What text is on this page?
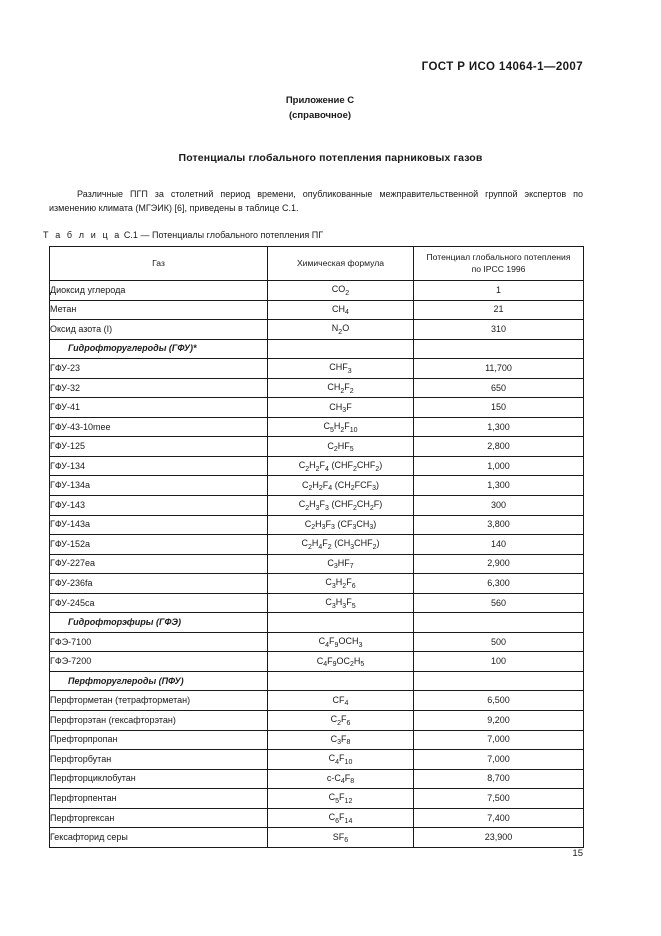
ГОСТ Р ИСО 14064-1—2007
Приложение С
(справочное)
Потенциалы глобального потепления парниковых газов
Различные ПГП за столетний период времени, опубликованные межправительственной группой экспертов по изменению климата (МГЭИК) [6], приведены в таблице С.1.
Т а б л и ц а С.1 — Потенциалы глобального потепления ПГ
Газ	Химическая формула	Потенциал глобального потепления
по IPCC 1996
Диоксид углерода	$CO_2$	1
Метан	$CH_4$	21
Оксид азота (I)	$N_2O$	310
Гидрофторуглероды (ГФУ)*		
ГФУ-23	$CHF_3$	11,700
ГФУ-32	$CH_2F_2$	650
ГФУ-41	$CH_3F$	150
ГФУ-43-10mee	$C_5H_2F_{10}$	1,300
ГФУ-125	$C_2HF_5$	2,800
ГФУ-134	$C_2H_2F_4$ $(CHF_2CHF_2)$	1,000
ГФУ-134a	$C_2H_2F_4$ $(CH_2FCF_3)$	1,300
ГФУ-143	$C_2H_3F_3$ $(CHF_2CH_2F)$	300
ГФУ-143a	$C_2H_3F_3$ $(CF_3CH_3)$	3,800
ГФУ-152a	$C_2H_4F_2$ $(CH_3CHF_2)$	140
ГФУ-227ea	$C_3HF_7$	2,900
ГФУ-236fa	$C_3H_2F_6$	6,300
ГФУ-245ca	$C_3H_3F_5$	560
Гидрофторэфиры (ГФЭ)		
ГФЭ-7100	$C_4F_9OCH_3$	500
ГФЭ-7200	$C_4F_9OC_2H_5$	100
Перфторуглероды (ПФУ)		
Перфторметан (тетрафторметан)	$CF_4$	6,500
Перфторэтан (гексафторэтан)	$C_2F_6$	9,200
Префторпропан	$C_3F_8$	7,000
Перфторбутан	$C_4F_{10}$	7,000
Перфторциклобутан	$c-C_4F_8$	8,700
Перфторпентан	$C_5F_{12}$	7,500
Перфторгексан	$C_6F_{14}$	7,400
Гексафторид серы	$SF_6$	23,900
15
